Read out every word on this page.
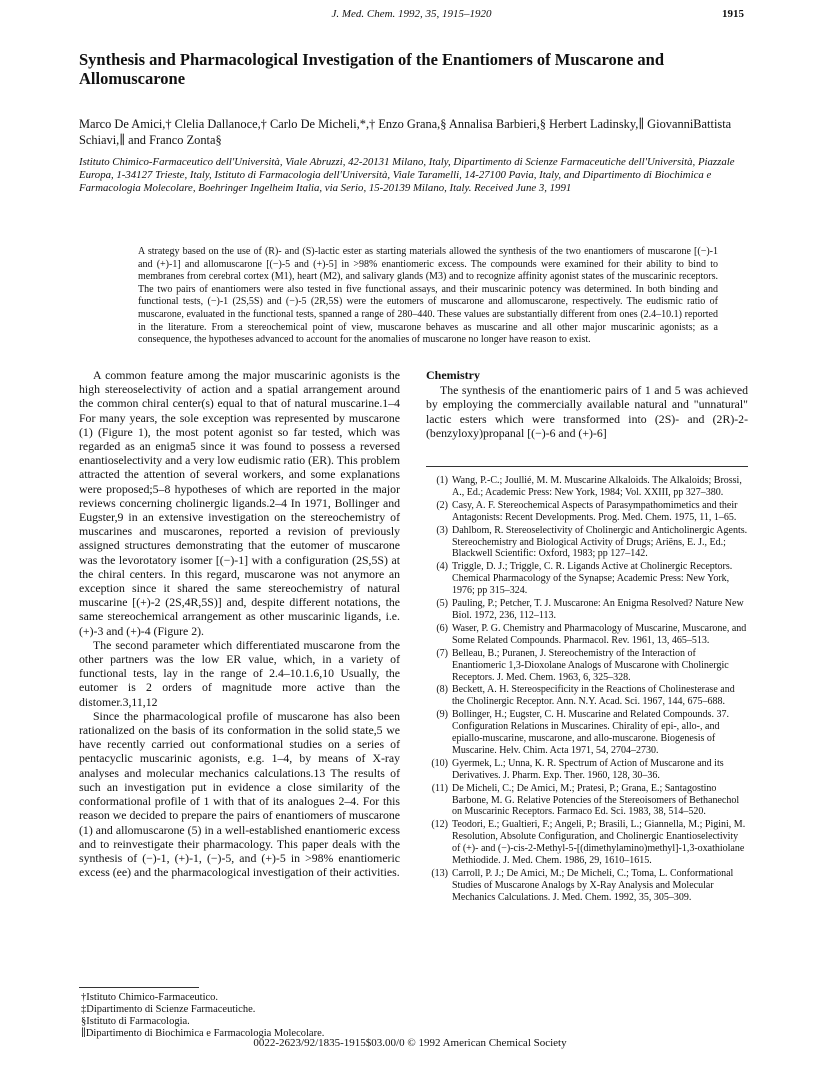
J. Med. Chem. 1992, 35, 1915–1920	1915
Synthesis and Pharmacological Investigation of the Enantiomers of Muscarone and Allomuscarone
Marco De Amici,† Clelia Dallanoce,† Carlo De Micheli,*,† Enzo Grana,§ Annalisa Barbieri,§ Herbert Ladinsky,∥ GiovanniBattista Schiavi,∥ and Franco Zonta§
Istituto Chimico-Farmaceutico dell'Università, Viale Abruzzi, 42-20131 Milano, Italy, Dipartimento di Scienze Farmaceutiche dell'Università, Piazzale Europa, 1-34127 Trieste, Italy, Istituto di Farmacologia dell'Università, Viale Taramelli, 14-27100 Pavia, Italy, and Dipartimento di Biochimica e Farmacologia Molecolare, Boehringer Ingelheim Italia, via Serio, 15-20139 Milano, Italy. Received June 3, 1991
A strategy based on the use of (R)- and (S)-lactic ester as starting materials allowed the synthesis of the two enantiomers of muscarone [(−)-1 and (+)-1] and allomuscarone [(−)-5 and (+)-5] in >98% enantiomeric excess. The compounds were examined for their ability to bind to membranes from cerebral cortex (M1), heart (M2), and salivary glands (M3) and to recognize affinity agonist states of the muscarinic receptors. The two pairs of enantiomers were also tested in five functional assays, and their muscarinic potency was determined. In both binding and functional tests, (−)-1 (2S,5S) and (−)-5 (2R,5S) were the eutomers of muscarone and allomuscarone, respectively. The eudismic ratio of muscarone, evaluated in the functional tests, spanned a range of 280–440. These values are substantially different from ones (2.4–10.1) reported in the literature. From a stereochemical point of view, muscarone behaves as muscarine and all other major muscarinic agonists; as a consequence, the hypotheses advanced to account for the anomalies of muscarone no longer have reason to exist.

A common feature among the major muscarinic agonists is the high stereoselectivity of action and a spatial arrangement around the common chiral center(s) equal to that of natural muscarine.1–4 For many years, the sole exception was represented by muscarone (1) (Figure 1), the most potent agonist so far tested, which was regarded as an enigma5 since it was found to possess a reversed enantioselectivity and a very low eudismic ratio (ER). This problem attracted the attention of several workers, and some explanations were proposed;5–8 hypotheses of which are reported in the major reviews concerning cholinergic ligands.2–4 In 1971, Bollinger and Eugster,9 in an extensive investigation on the stereochemistry of muscarines and muscarones, reported a revision of previously assigned structures demonstrating that the eutomer of muscarone was the levorotatory isomer [(−)-1] with a configuration (2S,5S) at the chiral centers. In this regard, muscarone was not anymore an exception since it shared the same stereochemistry of natural muscarine [(+)-2 (2S,4R,5S)] and, despite different notations, the same stereochemical arrangement as other muscarinic ligands, i.e. (+)-3 and (+)-4 (Figure 2).

The second parameter which differentiated muscarone from the other partners was the low ER value, which, in a variety of functional tests, lay in the range of 2.4–10.1.6,10 Usually, the eutomer is 2 orders of magnitude more active than the distomer.3,11,12

Since the pharmacological profile of muscarone has also been rationalized on the basis of its conformation in the solid state,5 we have recently carried out conformational studies on a series of pentacyclic muscarinic agonists, e.g. 1–4, by means of X-ray analyses and molecular mechanics calculations.13 The results of such an investigation put in evidence a close similarity of the conformational profile of 1 with that of its analogues 2–4. For this reason we decided to prepare the pairs of enantiomers of muscarone (1) and allomuscarone (5) in a well-established enantiomeric excess and to reinvestigate their pharmacology. This paper deals with the synthesis of (−)-1, (+)-1, (−)-5, and (+)-5 in >98% enantiomeric excess (ee) and the pharmacological investigation of their activities.

Chemistry

The synthesis of the enantiomeric pairs of 1 and 5 was achieved by employing the commercially available natural and "unnatural" lactic esters which were transformed into (2S)- and (2R)-2-(benzyloxy)propanal [(−)-6 and (+)-6]

(1) Wang, P.-C.; Joullié, M. M. Muscarine Alkaloids. The Alkaloids; Brossi, A., Ed.; Academic Press: New York, 1984; Vol. XXIII, pp 327–380.
(2) Casy, A. F. Stereochemical Aspects of Parasympathomimetics and their Antagonists: Recent Developments. Prog. Med. Chem. 1975, 11, 1–65.
(3) Dahlbom, R. Stereoselectivity of Cholinergic and Anticholinergic Agents. Stereochemistry and Biological Activity of Drugs; Ariëns, E. J., Ed.; Blackwell Scientific: Oxford, 1983; pp 127–142.
(4) Triggle, D. J.; Triggle, C. R. Ligands Active at Cholinergic Receptors. Chemical Pharmacology of the Synapse; Academic Press: New York, 1976; pp 315–324.
(5) Pauling, P.; Petcher, T. J. Muscarone: An Enigma Resolved? Nature New Biol. 1972, 236, 112–113.
(6) Waser, P. G. Chemistry and Pharmacology of Muscarine, Muscarone, and Some Related Compounds. Pharmacol. Rev. 1961, 13, 465–513.
(7) Belleau, B.; Puranen, J. Stereochemistry of the Interaction of Enantiomeric 1,3-Dioxolane Analogs of Muscarone with Cholinergic Receptors. J. Med. Chem. 1963, 6, 325–328.
(8) Beckett, A. H. Stereospecificity in the Reactions of Cholinesterase and the Cholinergic Receptor. Ann. N.Y. Acad. Sci. 1967, 144, 675–688.
(9) Bollinger, H.; Eugster, C. H. Muscarine and Related Compounds. 37. Configuration Relations in Muscarines. Chirality of epi-, allo-, and epiallo-muscarine, muscarone, and allo-muscarone. Biogenesis of Muscarine. Helv. Chim. Acta 1971, 54, 2704–2730.
(10) Gyermek, L.; Unna, K. R. Spectrum of Action of Muscarone and its Derivatives. J. Pharm. Exp. Ther. 1960, 128, 30–36.
(11) De Micheli, C.; De Amici, M.; Pratesi, P.; Grana, E.; Santagostino Barbone, M. G. Relative Potencies of the Stereoisomers of Bethanechol on Muscarinic Receptors. Farmaco Ed. Sci. 1983, 38, 514–520.
(12) Teodori, E.; Gualtieri, F.; Angeli, P.; Brasili, L.; Giannella, M.; Pigini, M. Resolution, Absolute Configuration, and Cholinergic Enantioselectivity of (+)- and (−)-cis-2-Methyl-5-[(dimethylamino)methyl]-1,3-oxathiolane Methiodide. J. Med. Chem. 1986, 29, 1610–1615.
(13) Carroll, P. J.; De Amici, M.; De Micheli, C.; Toma, L. Conformational Studies of Muscarone Analogs by X-Ray Analysis and Molecular Mechanics Calculations. J. Med. Chem. 1992, 35, 305–309.
†Istituto Chimico-Farmaceutico.
‡Dipartimento di Scienze Farmaceutiche.
§Istituto di Farmacologia.
∥Dipartimento di Biochimica e Farmacologia Molecolare.
0022-2623/92/1835-1915$03.00/0 © 1992 American Chemical Society
